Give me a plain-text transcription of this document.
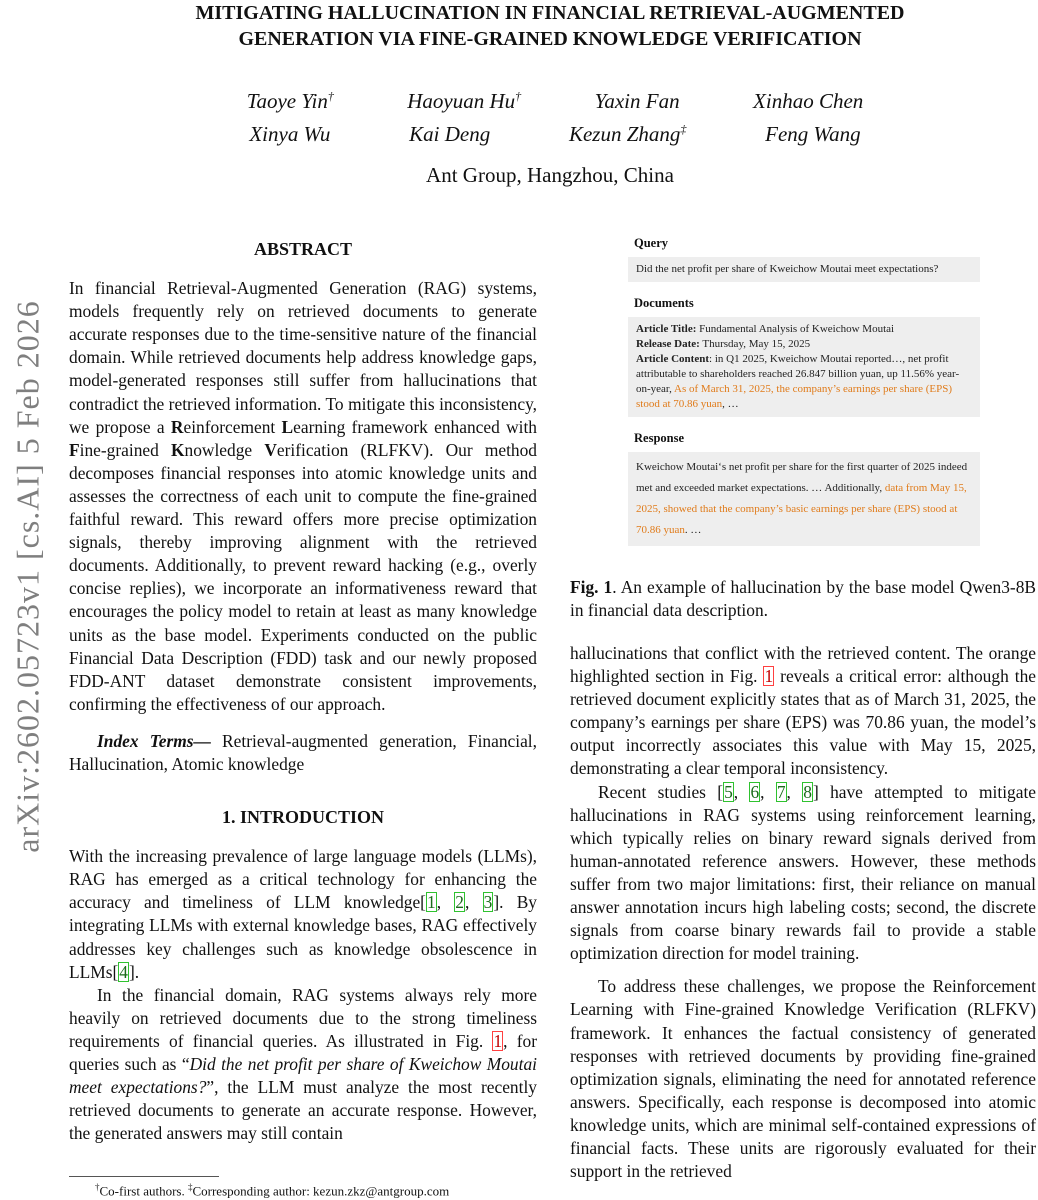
arXiv:2602.05723v1 [cs.AI] 5 Feb 2026
MITIGATING HALLUCINATION IN FINANCIAL RETRIEVAL-AUGMENTED
GENERATION VIA FINE-GRAINED KNOWLEDGE VERIFICATION
Taoye Yin†	Haoyuan Hu†	Yaxin Fan	Xinhao Chen
Xinya Wu	Kai Deng	Kezun Zhang‡	Feng Wang
Ant Group, Hangzhou, China
ABSTRACT

In financial Retrieval-Augmented Generation (RAG) systems, models frequently rely on retrieved documents to generate accurate responses due to the time-sensitive nature of the financial domain. While retrieved documents help address knowledge gaps, model-generated responses still suffer from hallucinations that contradict the retrieved information. To mitigate this inconsistency, we propose a Reinforcement Learning framework enhanced with Fine-grained Knowledge Verification (RLFKV). Our method decomposes financial responses into atomic knowledge units and assesses the correctness of each unit to compute the fine-grained faithful reward. This reward offers more precise optimization signals, thereby improving alignment with the retrieved documents. Additionally, to prevent reward hacking (e.g., overly concise replies), we incorporate an informativeness reward that encourages the policy model to retain at least as many knowledge units as the base model. Experiments conducted on the public Financial Data Description (FDD) task and our newly proposed FDD-ANT dataset demonstrate consistent improvements, confirming the effectiveness of our approach.

Index Terms— Retrieval-augmented generation, Financial, Hallucination, Atomic knowledge

1. INTRODUCTION

With the increasing prevalence of large language models (LLMs), RAG has emerged as a critical technology for enhancing the accuracy and timeliness of LLM knowledge[1, 2, 3]. By integrating LLMs with external knowledge bases, RAG effectively addresses key challenges such as knowledge obsolescence in LLMs[4].

In the financial domain, RAG systems always rely more heavily on retrieved documents due to the strong timeliness requirements of financial queries. As illustrated in Fig. 1, for queries such as “Did the net profit per share of Kweichow Moutai meet expectations?”, the LLM must analyze the most recently retrieved documents to generate an accurate response. However, the generated answers may still contain

Query
Did the net profit per share of Kweichow Moutai meet expectations?
Documents
Article Title: Fundamental Analysis of Kweichow Moutai
Release Date: Thursday, May 15, 2025
Article Content: in Q1 2025, Kweichow Moutai reported…, net profit attributable to shareholders reached 26.847 billion yuan, up 11.56% year-on-year, As of March 31, 2025, the company’s earnings per share (EPS) stood at 70.86 yuan, …
Response
Kweichow Moutai‘s net profit per share for the first quarter of 2025 indeed met and exceeded market expectations. … Additionally, data from May 15, 2025, showed that the company’s basic earnings per share (EPS) stood at 70.86 yuan. …
Fig. 1. An example of hallucination by the base model Qwen3-8B in financial data description.

hallucinations that conflict with the retrieved content. The orange highlighted section in Fig. 1 reveals a critical error: although the retrieved document explicitly states that as of March 31, 2025, the company’s earnings per share (EPS) was 70.86 yuan, the model’s output incorrectly associates this value with May 15, 2025, demonstrating a clear temporal inconsistency.

Recent studies [5, 6, 7, 8] have attempted to mitigate hallucinations in RAG systems using reinforcement learning, which typically relies on binary reward signals derived from human-annotated reference answers. However, these methods suffer from two major limitations: first, their reliance on manual answer annotation incurs high labeling costs; second, the discrete signals from coarse binary rewards fail to provide a stable optimization direction for model training.

To address these challenges, we propose the Reinforcement Learning with Fine-grained Knowledge Verification (RLFKV) framework. It enhances the factual consistency of generated responses with retrieved documents by providing fine-grained optimization signals, eliminating the need for annotated reference answers. Specifically, each response is decomposed into atomic knowledge units, which are minimal self-contained expressions of financial facts. These units are rigorously evaluated for their support in the retrieved

†Co-first authors. ‡Corresponding author: kezun.zkz@antgroup.com
